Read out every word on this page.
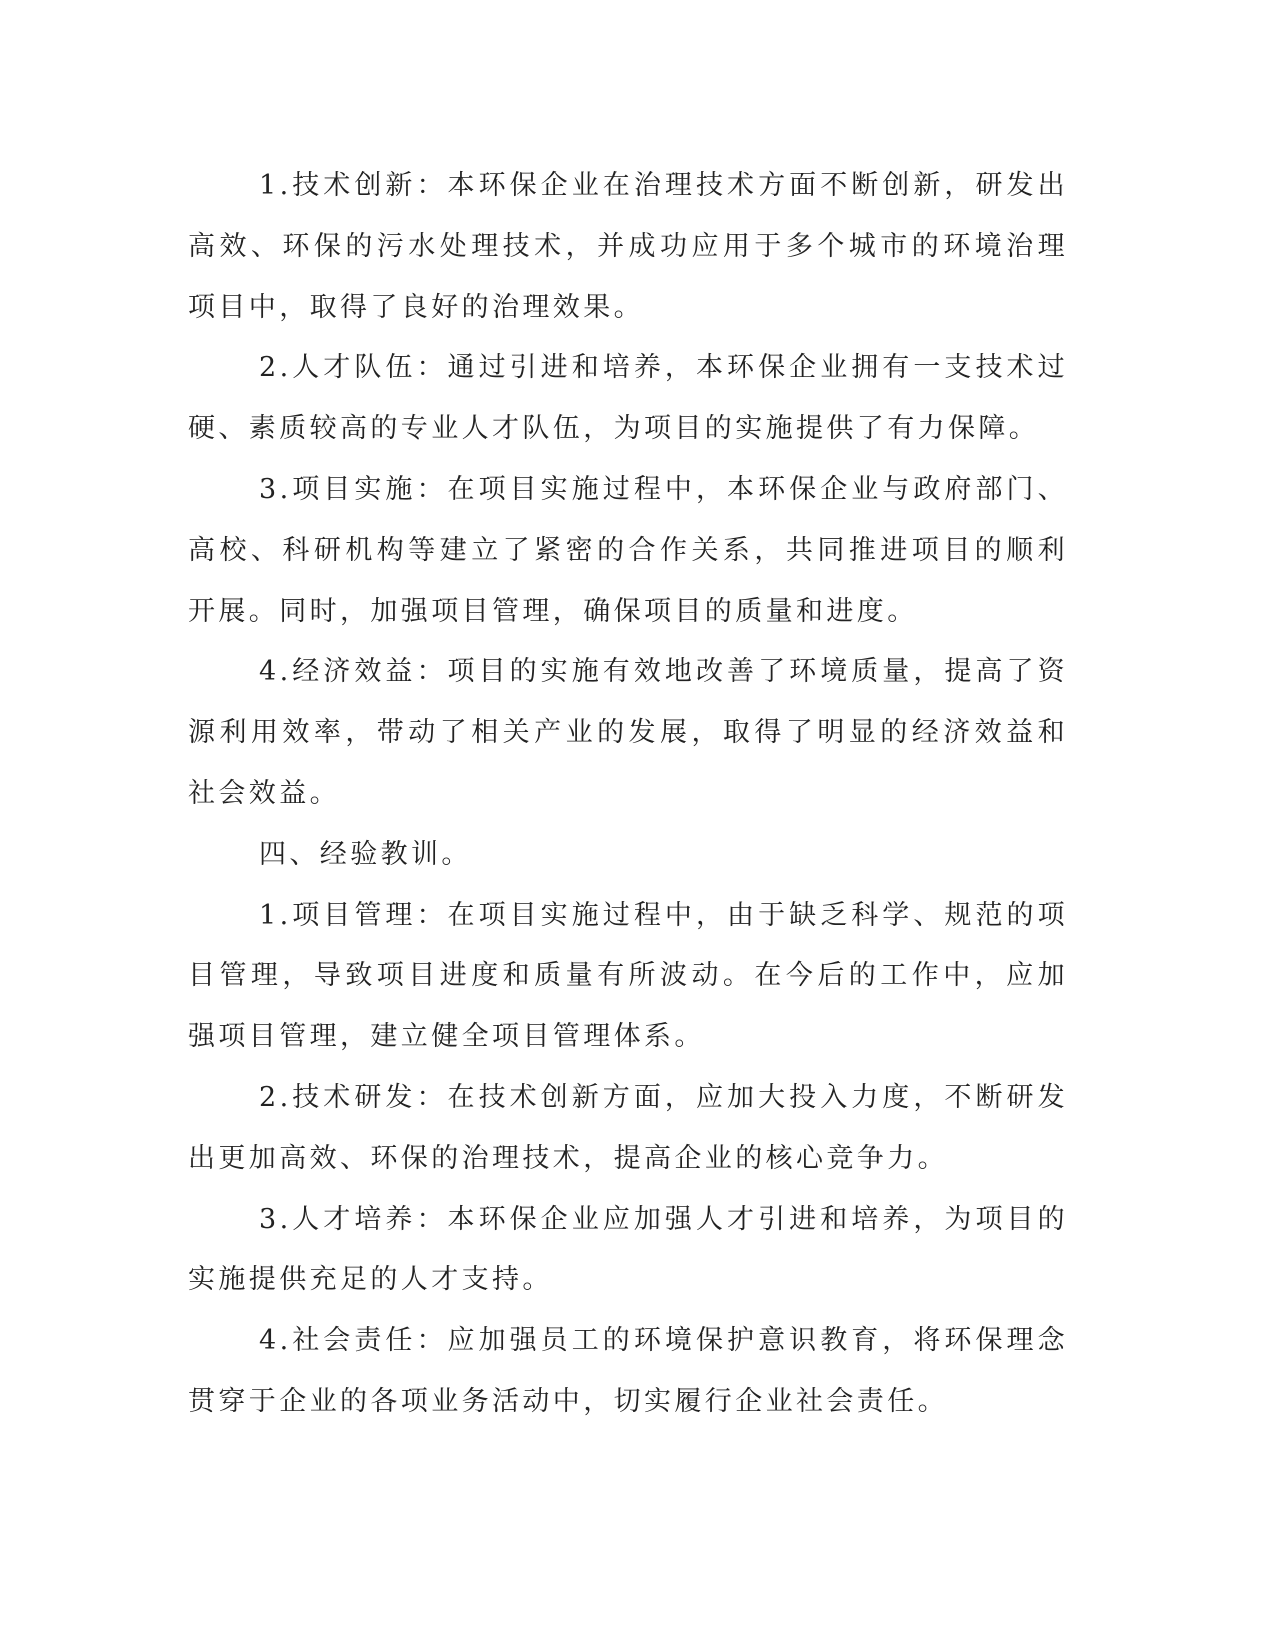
1.技术创新：本环保企业在治理技术方面不断创新，研发出高效、环保的污水处理技术，并成功应用于多个城市的环境治理项目中，取得了良好的治理效果。

2.人才队伍：通过引进和培养，本环保企业拥有一支技术过硬、素质较高的专业人才队伍，为项目的实施提供了有力保障。

3.项目实施：在项目实施过程中，本环保企业与政府部门、高校、科研机构等建立了紧密的合作关系，共同推进项目的顺利开展。同时，加强项目管理，确保项目的质量和进度。

4.经济效益：项目的实施有效地改善了环境质量，提高了资源利用效率，带动了相关产业的发展，取得了明显的经济效益和社会效益。

四、经验教训。

1.项目管理：在项目实施过程中，由于缺乏科学、规范的项目管理，导致项目进度和质量有所波动。在今后的工作中，应加强项目管理，建立健全项目管理体系。

2.技术研发：在技术创新方面，应加大投入力度，不断研发出更加高效、环保的治理技术，提高企业的核心竞争力。

3.人才培养：本环保企业应加强人才引进和培养，为项目的实施提供充足的人才支持。

4.社会责任：应加强员工的环境保护意识教育，将环保理念贯穿于企业的各项业务活动中，切实履行企业社会责任。
